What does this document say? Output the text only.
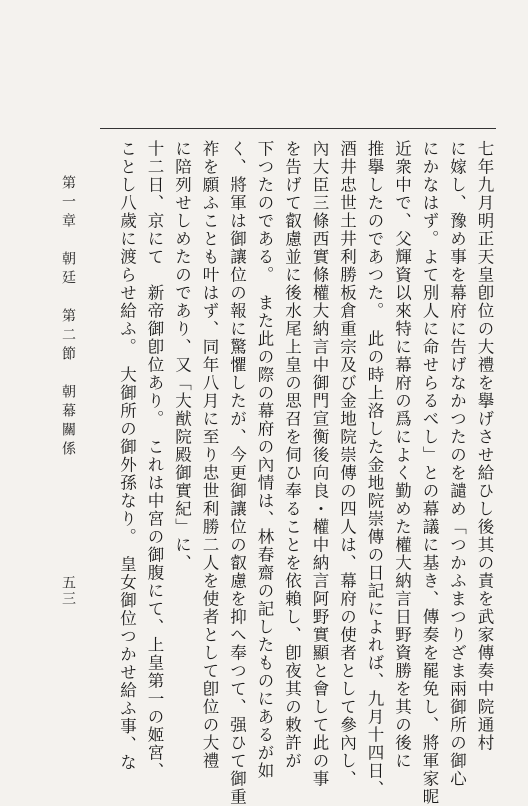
七年九月明正天皇卽位の大禮を擧げさせ給ひし後其の責を武家傳奏中院通村
に嫁し、豫め事を幕府に告げなかつたのを譴め「つかふまつりざま兩御所の御心
にかなはず。よて別人に命せらるべし」との幕議に基き、傳奏を罷免し、將軍家昵
近衆中で、父輝資以來特に幕府の爲によく勤めた權大納言日野資勝を其の後に
推擧したのであつた。　此の時上洛した金地院崇傳の日記によれば、九月十四日、
酒井忠世土井利勝板倉重宗及び金地院崇傳の四人は、幕府の使者として參內し、
內大臣三條西實條權大納言中御門宣衡後向良・權中納言阿野實顯と會して此の事
を告げて叡慮並に後水尾上皇の思召を伺ひ奉ることを依賴し、卽夜其の敕許が
下つたのである。　また此の際の幕府の內情は、林春齋の記したものにあるが如
く、將軍は御讓位の報に驚懼したが、今更御讓位の叡慮を抑へ奉つて、强ひて御重
祚を願ふことも叶はず、同年八月に至り忠世利勝二人を使者として卽位の大禮
に陪列せしめたのであり、又「大猷院殿御實紀」に、
十二日、京にて　新帝御卽位あり。　これは中宮の御腹にて、上皇第一の姬宮、
ことし八歲に渡らせ給ふ。　大御所の御外孫なり。　皇女御位つかせ給ふ事、な
第一章　朝廷　第二節　朝幕關係
五三
